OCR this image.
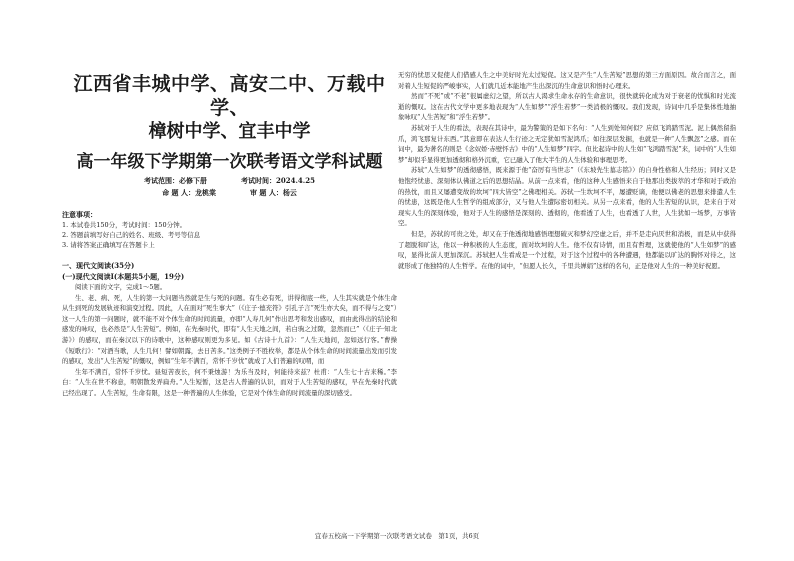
江西省丰城中学、高安二中、万载中学、

樟树中学、宜丰中学

高一年级下学期第一次联考语文学科试题

考试范围：必修下册	考试时间：2024.4.25
命 题 人：龙桃棠	审 题 人：杨云
注意事项：

1. 本试卷共150分，考试时间：150分钟。

2. 答题前填写好自己的姓名、班级、考号等信息

3. 请将答案正确填写在答题卡上

一、现代文阅读(35分)
(一)现代文阅读Ⅰ(本题共5小题，19分)

阅读下面的文字，完成1～5题。

生、老、病、死，人生的第一大问题当然就是生与死的问题。有生必有死，讲得彻底一些，人生其实就是个体生命从生到死的发展轨迹和演变过程。因此，人在面对“死生事大”（《庄子·德充符》引孔子言“死生亦大矣，而不得与之变”）这一人生的第一问题时，就不能不对个体生命的时间流量，亦即“人寿几何”作出思考和发出感叹，而由此得出的结论和感发的咏叹，也必然是“人生苦短”。例如，在先秦时代，即有“人生天地之间，若白驹之过隙，忽然而已”（《庄子·知北游》）的感叹，而在秦汉以下的诗歌中，这种感叹则更为多见。如《古诗十九首》：“人生天地间，忽如远行客。”曹操《短歌行》：“对酒当歌，人生几何！譬如朝露，去日苦多。”这类例子不胜枚举，都是从个体生命的时间流量出发而引发的感叹，发出“人生苦短”的慨叹，例如“生年不满百，常怀千岁忧”就成了人们普遍的叹喟，而

生年不满百，常怀千岁忧。昼短苦夜长，何不秉烛游！为乐当及时，何能待来兹？杜甫：“人生七十古来稀。”李白：“人生在世不称意，明朝散发弄扁舟。”人生短暂，这是古人普遍的认识，而对于人生苦短的感叹，早在先秦时代就已经出现了。人生苦短，生命有限，这是一种普遍的人生体验，它是对个体生命的时间流量的深切感受。

无穷的忧思又促使人们借感人生之中美好时光太过短促。这又是产生“人生苦短”思想的第三方面原因。故合而言之，面对着人生短促的严峻事实，人们就几近本能地产生出深沉的生命意识和悟时心理来。

然而“不死”或“不老”很属虚幻之望，所以古人渴求生命永存的生命意识，很快就转化成为对于衰老的忧惧和时光流逝的慨叹。这在古代文学中更多地表现为“人生如梦”“浮生若梦”一类消极的慨叹。我们发现，诗词中几乎是集体性地抽象咏叹“人生苦短”和“浮生若梦”。

苏轼对于人生的看法，表现在其诗中，最为警策的是如下名句：“人生到处知何似？应似飞鸿踏雪泥。泥上偶然留指爪，鸿飞那复计东西。”其意即在表达人生行迹之无定犹如雪泥鸿爪；如往深层发掘，也就是一种“人生飘忽”之感。而在词中，最为著名的则是《念奴娇·赤壁怀古》中的“人生如梦”四字。但比起诗中的人生如“飞鸿踏雪泥”来，词中的“人生如梦”却似乎显得更加透彻和格外沉重，它已融入了他大半生的人生体验和事理思考。

苏轼“人生如梦”的透彻感悟，既来源于他“奋厉有当世志”（《东坡先生墓志铭》）的自身性格和人生经历；同时又是他饱经忧患、深刻体认佛道之后的思想结晶。从前一点来看，他的这种人生感悟来自于他那出类拔萃的才华和对于政治的热忱，而且又屡遭变故的坎坷“四大皆空”之佛理相关。苏轼一生坎坷不平，屡遭贬谪，他便以佛老的思想来排遣人生的忧患，这既是他人生哲学的组成部分，又与他人生遭际密切相关。从另一点来看，他的人生苦短的认识，是来自于对现实人生的深刻体验，他对于人生的感悟是深刻的、透彻的，他看透了人生，也看透了人世，人生犹如一场梦，万事皆空。

但是，苏轼的可贵之处，却又在于他透彻地感悟理想破灭和梦幻空虚之后，并不是走向厌世和消极，而是从中获得了超脱和旷达，他以一种积极的人生态度，面对坎坷的人生。他不仅有诗情，而且有哲理，这就使他的“人生如梦”的感叹，显得比前人更加深沉。苏轼把人生看成是一个过程，对于这个过程中的各种遭遇，他都能以旷达的胸怀对待之，这就形成了他独特的人生哲学。在他的词中，“但愿人长久，千里共婵娟”这样的名句，正是他对人生的一种美好祝愿。

宜春五校高一下学期第一次联考语文试卷　第1页，共6页
